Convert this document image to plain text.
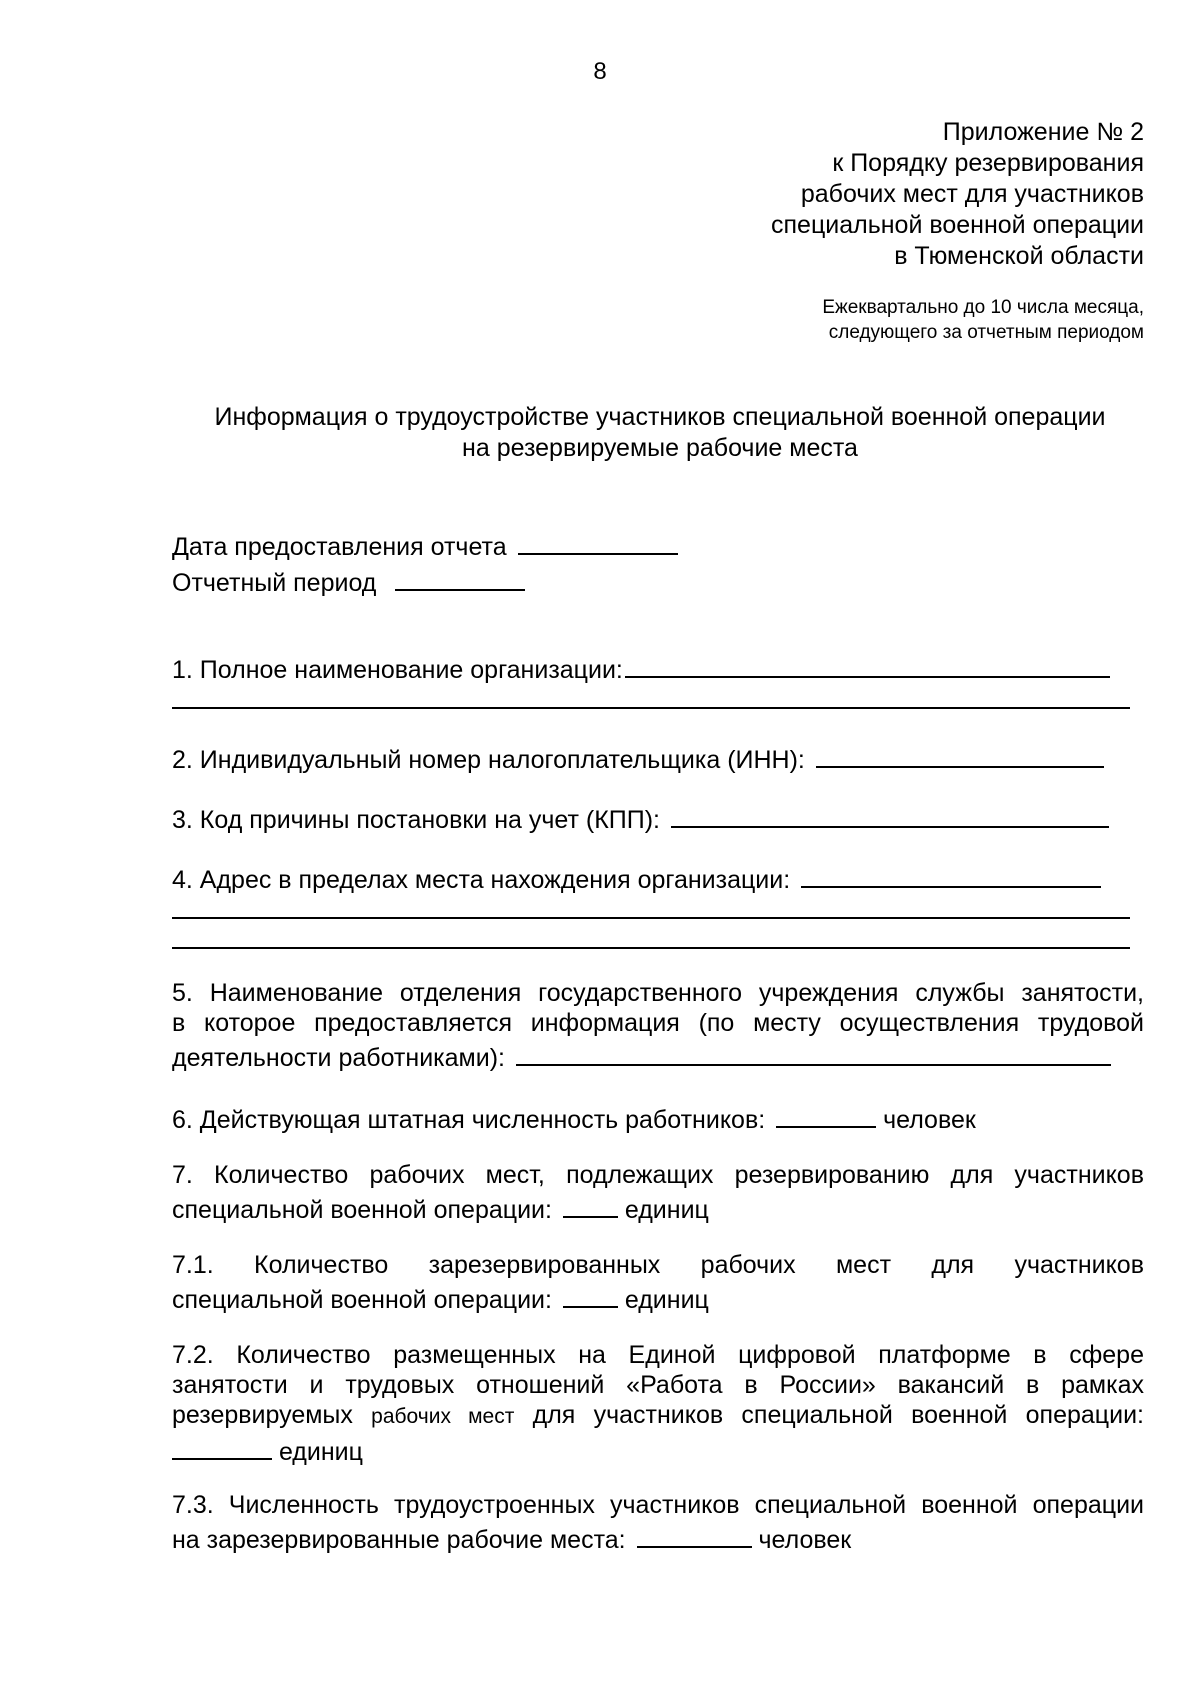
8
Приложение № 2
к Порядку резервирования
рабочих мест для участников
специальной военной операции
в Тюменской области
Ежеквартально до 10 числа месяца,
следующего за отчетным периодом
Информация о трудоустройстве участников специальной военной операции
на резервируемые рабочие места
Дата предоставления отчета
Отчетный период
1. Полное наименование организации:
2. Индивидуальный номер налогоплательщика (ИНН):
3. Код причины постановки на учет (КПП):
4. Адрес в пределах места нахождения организации:
5. Наименование отделения государственного учреждения службы занятости,
в которое предоставляется информация (по месту осуществления трудовой
деятельности работниками):
6. Действующая штатная численность работников:	человек
7. Количество рабочих мест, подлежащих резервированию для участников
специальной военной операции:	единиц
7.1. Количество зарезервированных рабочих мест для участников
специальной военной операции:	единиц
7.2. Количество размещенных на Единой цифровой платформе в сфере
занятости и трудовых отношений «Работа в России» вакансий в рамках
резервируемых рабочих мест для участников специальной военной операции:
единиц
7.3. Численность трудоустроенных участников специальной военной операции
на зарезервированные рабочие места:	человек
